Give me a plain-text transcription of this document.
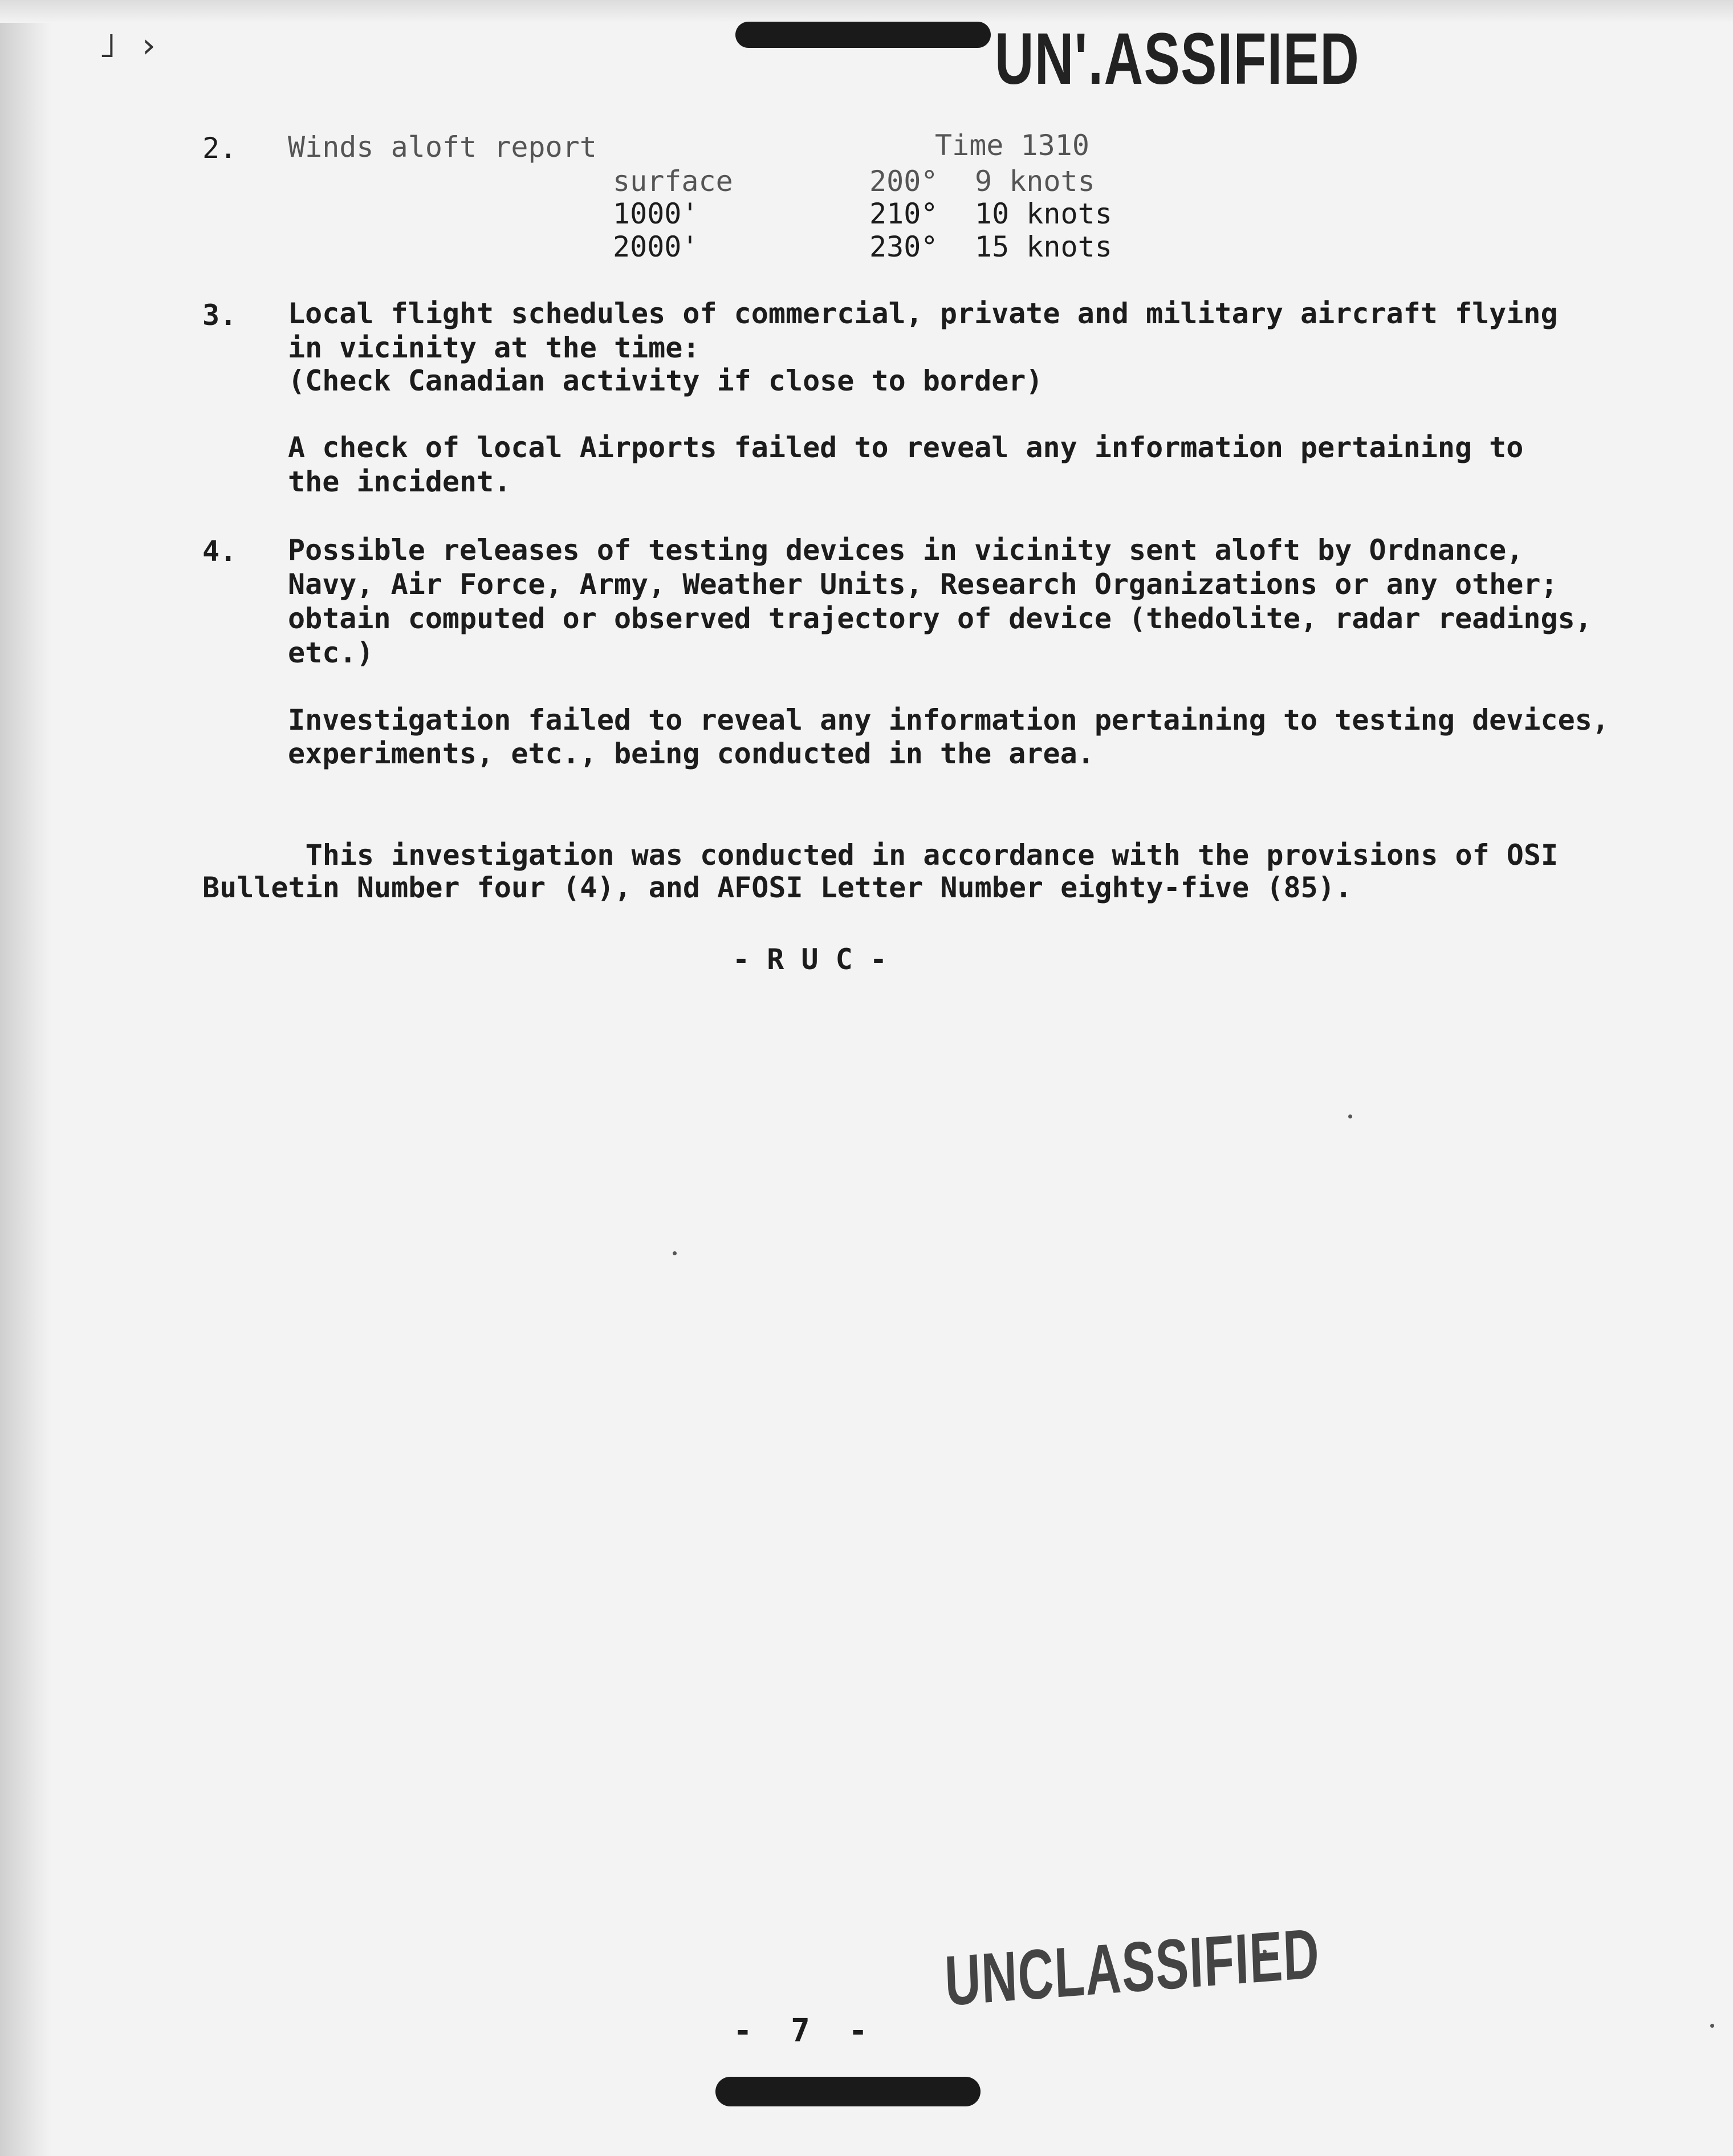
UN'.ASSIFIED
˩ ›
2. Winds aloft report	Time 1310
surface	200° 9 knots
1000'	210° 10 knots
2000'	230° 15 knots
3. Local flight schedules of commercial, private and military aircraft flying
in vicinity at the time:
(Check Canadian activity if close to border)
A check of local Airports failed to reveal any information pertaining to
the incident.
4. Possible releases of testing devices in vicinity sent aloft by Ordnance,
Navy, Air Force, Army, Weather Units, Research Organizations or any other;
obtain computed or observed trajectory of device (thedolite, radar readings,
etc.)
Investigation failed to reveal any information pertaining to testing devices,
experiments, etc., being conducted in the area.
This investigation was conducted in accordance with the provisions of OSI
Bulletin Number four (4), and AFOSI Letter Number eighty-five (85).
- R U C -
UNCLASSIFIED
-  7  -
